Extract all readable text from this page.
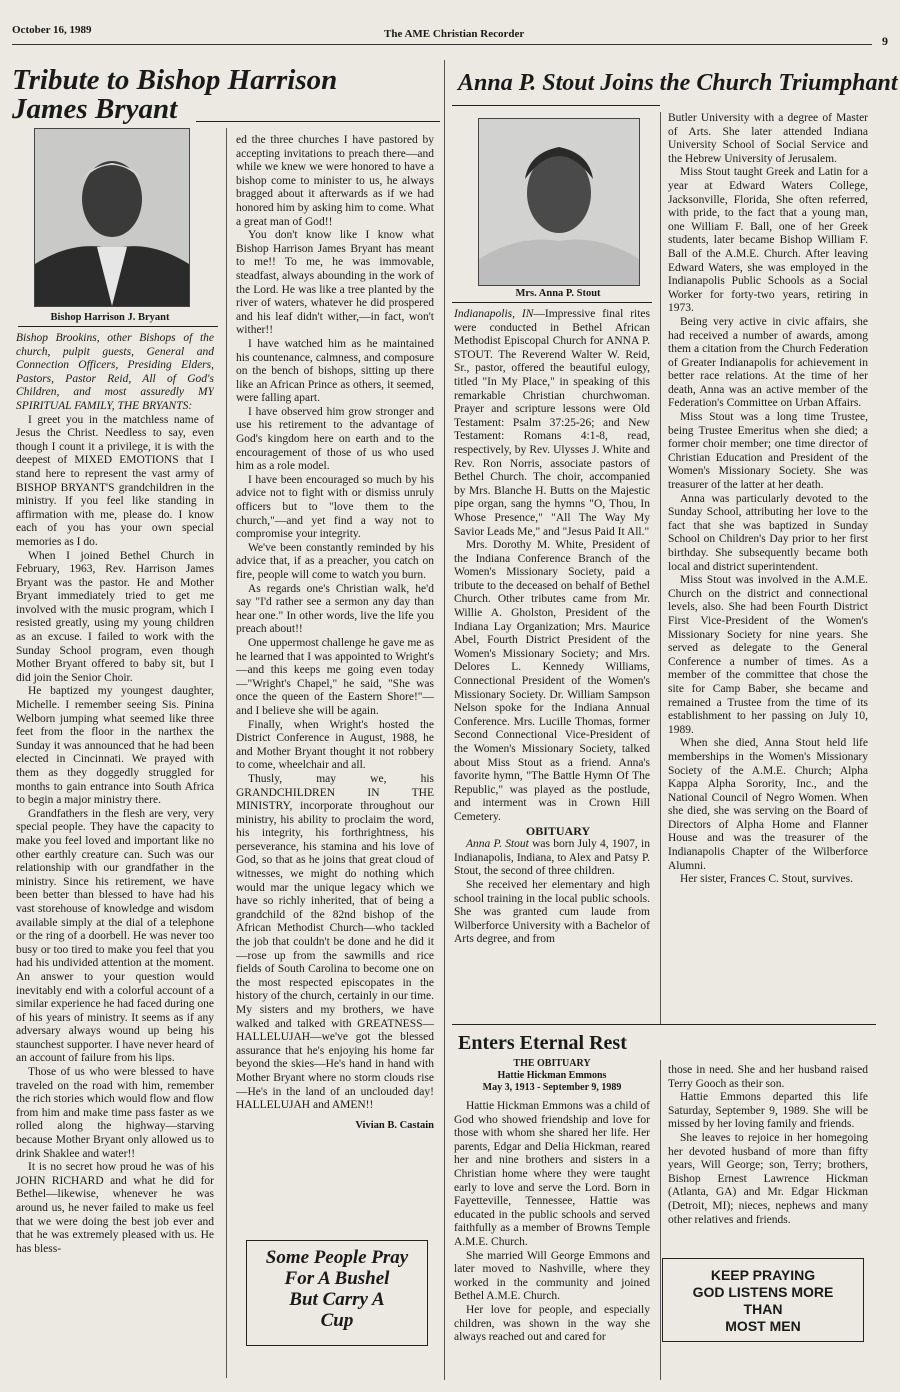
October 16, 1989	The AME Christian Recorder	9
Tribute to Bishop Harrison
James Bryant
Bishop Harrison J. Bryant

Bishop Brookins, other Bishops of the church, pulpit guests, General and Connection Officers, Presiding Elders, Pastors, Pastor Reid, All of God's Children, and most assuredly MY SPIRITUAL FAMILY, THE BRYANTS:

I greet you in the matchless name of Jesus the Christ. Needless to say, even though I count it a privilege, it is with the deepest of MIXED EMOTIONS that I stand here to represent the vast army of BISHOP BRYANT'S grandchildren in the ministry. If you feel like standing in affirmation with me, please do. I know each of you has your own special memories as I do.

When I joined Bethel Church in February, 1963, Rev. Harrison James Bryant was the pastor. He and Mother Bryant immediately tried to get me involved with the music program, which I resisted greatly, using my young children as an excuse. I failed to work with the Sunday School program, even though Mother Bryant offered to baby sit, but I did join the Senior Choir.

He baptized my youngest daughter, Michelle. I remember seeing Sis. Pinina Welborn jumping what seemed like three feet from the floor in the narthex the Sunday it was announced that he had been elected in Cincinnati. We prayed with them as they doggedly struggled for months to gain entrance into South Africa to begin a major ministry there.

Grandfathers in the flesh are very, very special people. They have the capacity to make you feel loved and important like no other earthly creature can. Such was our relationship with our grandfather in the ministry. Since his retirement, we have been better than blessed to have had his vast storehouse of knowledge and wisdom available simply at the dial of a telephone or the ring of a doorbell. He was never too busy or too tired to make you feel that you had his undivided attention at the moment. An answer to your question would inevitably end with a colorful account of a similar experience he had faced during one of his years of ministry. It seems as if any adversary always wound up being his staunchest supporter. I have never heard of an account of failure from his lips.

Those of us who were blessed to have traveled on the road with him, remember the rich stories which would flow and flow from him and make time pass faster as we rolled along the highway—starving because Mother Bryant only allowed us to drink Shaklee and water!!

It is no secret how proud he was of his JOHN RICHARD and what he did for Bethel—likewise, whenever he was around us, he never failed to make us feel that we were doing the best job ever and that he was extremely pleased with us. He has bless-

ed the three churches I have pastored by accepting invitations to preach there—and while we knew we were honored to have a bishop come to minister to us, he always bragged about it afterwards as if we had honored him by asking him to come. What a great man of God!!

You don't know like I know what Bishop Harrison James Bryant has meant to me!! To me, he was immovable, steadfast, always abounding in the work of the Lord. He was like a tree planted by the river of waters, whatever he did prospered and his leaf didn't wither,—in fact, won't wither!!

I have watched him as he maintained his countenance, calmness, and composure on the bench of bishops, sitting up there like an African Prince as others, it seemed, were falling apart.

I have observed him grow stronger and use his retirement to the advantage of God's kingdom here on earth and to the encouragement of those of us who used him as a role model.

I have been encouraged so much by his advice not to fight with or dismiss unruly officers but to "love them to the church,"—and yet find a way not to compromise your integrity.

We've been constantly reminded by his advice that, if as a preacher, you catch on fire, people will come to watch you burn.

As regards one's Christian walk, he'd say "I'd rather see a sermon any day than hear one." In other words, live the life you preach about!!

One uppermost challenge he gave me as he learned that I was appointed to Wright's—and this keeps me going even today—"Wright's Chapel," he said, "She was once the queen of the Eastern Shore!"—and I believe she will be again.

Finally, when Wright's hosted the District Conference in August, 1988, he and Mother Bryant thought it not robbery to come, wheelchair and all.

Thusly, may we, his GRANDCHILDREN IN THE MINISTRY, incorporate throughout our ministry, his ability to proclaim the word, his integrity, his forthrightness, his perseverance, his stamina and his love of God, so that as he joins that great cloud of witnesses, we might do nothing which would mar the unique legacy which we have so richly inherited, that of being a grandchild of the 82nd bishop of the African Methodist Church—who tackled the job that couldn't be done and he did it—rose up from the sawmills and rice fields of South Carolina to become one on the most respected episcopates in the history of the church, certainly in our time. My sisters and my brothers, we have walked and talked with GREATNESS—HALLELUJAH—we've got the blessed assurance that he's enjoying his home far beyond the skies—He's hand in hand with Mother Bryant where no storm clouds rise—He's in the land of an unclouded day! HALLELUJAH and AMEN!!

Vivian B. Castain
Some People Pray
For A Bushel
But Carry A
Cup
Anna P. Stout Joins the Church Triumphant
Mrs. Anna P. Stout

Indianapolis, IN—Impressive final rites were conducted in Bethel African Methodist Episcopal Church for ANNA P. STOUT. The Reverend Walter W. Reid, Sr., pastor, offered the beautiful eulogy, titled "In My Place," in speaking of this remarkable Christian churchwoman. Prayer and scripture lessons were Old Testament: Psalm 37:25-26; and New Testament: Romans 4:1-8, read, respectively, by Rev. Ulysses J. White and Rev. Ron Norris, associate pastors of Bethel Church. The choir, accompanied by Mrs. Blanche H. Butts on the Majestic pipe organ, sang the hymns "O, Thou, In Whose Presence," "All The Way My Savior Leads Me," and "Jesus Paid It All."

Mrs. Dorothy M. White, President of the Indiana Conference Branch of the Women's Missionary Society, paid a tribute to the deceased on behalf of Bethel Church. Other tributes came from Mr. Willie A. Gholston, President of the Indiana Lay Organization; Mrs. Maurice Abel, Fourth District President of the Women's Missionary Society; and Mrs. Delores L. Kennedy Williams, Connectional President of the Women's Missionary Society. Dr. William Sampson Nelson spoke for the Indiana Annual Conference. Mrs. Lucille Thomas, former Second Connectional Vice-President of the Women's Missionary Society, talked about Miss Stout as a friend. Anna's favorite hymn, "The Battle Hymn Of The Republic," was played as the postlude, and interment was in Crown Hill Cemetery.

OBITUARY

Anna P. Stout was born July 4, 1907, in Indianapolis, Indiana, to Alex and Patsy P. Stout, the second of three children.

She received her elementary and high school training in the local public schools. She was granted cum laude from Wilberforce University with a Bachelor of Arts degree, and from

Butler University with a degree of Master of Arts. She later attended Indiana University School of Social Service and the Hebrew University of Jerusalem.

Miss Stout taught Greek and Latin for a year at Edward Waters College, Jacksonville, Florida, She often referred, with pride, to the fact that a young man, one William F. Ball, one of her Greek students, later became Bishop William F. Ball of the A.M.E. Church. After leaving Edward Waters, she was employed in the Indianapolis Public Schools as a Social Worker for forty-two years, retiring in 1973.

Being very active in civic affairs, she had received a number of awards, among them a citation from the Church Federation of Greater Indianapolis for achievement in better race relations. At the time of her death, Anna was an active member of the Federation's Committee on Urban Affairs.

Miss Stout was a long time Trustee, being Trustee Emeritus when she died; a former choir member; one time director of Christian Education and President of the Women's Missionary Society. She was treasurer of the latter at her death.

Anna was particularly devoted to the Sunday School, attributing her love to the fact that she was baptized in Sunday School on Children's Day prior to her first birthday. She subsequently became both local and district superintendent.

Miss Stout was involved in the A.M.E. Church on the district and connectional levels, also. She had been Fourth District First Vice-President of the Women's Missionary Society for nine years. She served as delegate to the General Conference a number of times. As a member of the committee that chose the site for Camp Baber, she became and remained a Trustee from the time of its establishment to her passing on July 10, 1989.

When she died, Anna Stout held life memberships in the Women's Missionary Society of the A.M.E. Church; Alpha Kappa Alpha Sorority, Inc., and the National Council of Negro Women. When she died, she was serving on the Board of Directors of Alpha Home and Flanner House and was the treasurer of the Indianapolis Chapter of the Wilberforce Alumni.

Her sister, Frances C. Stout, survives.

Enters Eternal Rest
THE OBITUARY
Hattie Hickman Emmons
May 3, 1913 - September 9, 1989

Hattie Hickman Emmons was a child of God who showed friendship and love for those with whom she shared her life. Her parents, Edgar and Delia Hickman, reared her and nine brothers and sisters in a Christian home where they were taught early to love and serve the Lord. Born in Fayetteville, Tennessee, Hattie was educated in the public schools and served faithfully as a member of Browns Temple A.M.E. Church.

She married Will George Emmons and later moved to Nashville, where they worked in the community and joined Bethel A.M.E. Church.

Her love for people, and especially children, was shown in the way she always reached out and cared for

those in need. She and her husband raised Terry Gooch as their son.

Hattie Emmons departed this life Saturday, September 9, 1989. She will be missed by her loving family and friends.

She leaves to rejoice in her homegoing her devoted husband of more than fifty years, Will George; son, Terry; brothers, Bishop Ernest Lawrence Hickman (Atlanta, GA) and Mr. Edgar Hickman (Detroit, MI); nieces, nephews and many other relatives and friends.

KEEP PRAYING
GOD LISTENS MORE
THAN
MOST MEN
